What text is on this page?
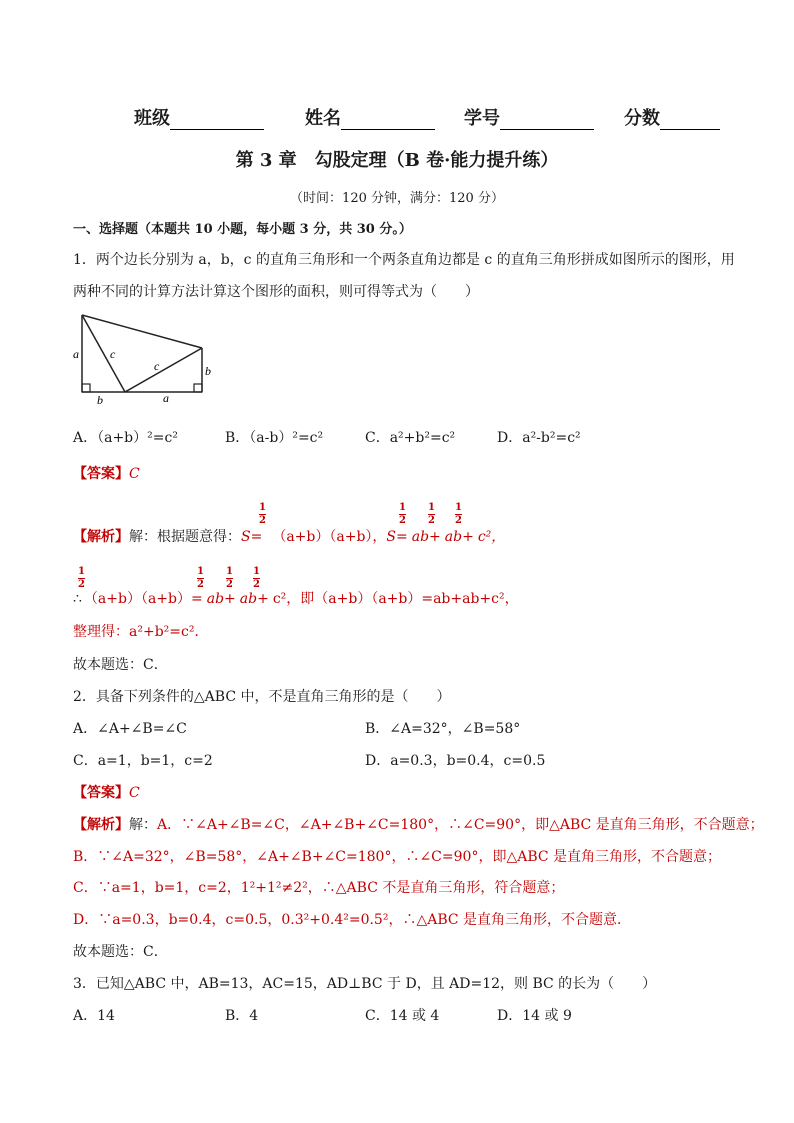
班级	姓名	学号	分数
第 3 章　勾股定理（B 卷·能力提升练）
（时间：120 分钟，满分：120 分）
一、选择题（本题共 10 小题，每小题 3 分，共 30 分。）
1．两个边长分别为 a，b，c 的直角三角形和一个两条直角边都是 c 的直角三角形拼成如图所示的图形，用
两种不同的计算方法计算这个图形的面积，则可得等式为（　　）
a	c
c	b
b	a
A．（a+b）²=c²	B．（a-b）²=c²	C．a²+b²=c²	D．a²-b²=c²
【答案】C
【解析】解：根据题意得：S= （a+b）（a+b），S= ab+ ab+ c²，
1
2
1
2
1
2
1
2
∴ （a+b）（a+b）= ab+ ab+ c²，即（a+b）（a+b）=ab+ab+c²，
1
2
1
2
1
2
1
2
整理得：a²+b²=c²．
故本题选：C．
2．具备下列条件的△ABC 中，不是直角三角形的是（　　）
A．∠A+∠B=∠C	B．∠A=32°，∠B=58°
C．a=1，b=1，c=2	D．a=0.3，b=0.4，c=0.5
【答案】C
【解析】解：A．∵∠A+∠B=∠C，∠A+∠B+∠C=180°，∴∠C=90°，即△ABC 是直角三角形，不合题意；
B．∵∠A=32°，∠B=58°，∠A+∠B+∠C=180°，∴∠C=90°，即△ABC 是直角三角形，不合题意；
C．∵a=1，b=1，c=2，1²+1²≠2²，∴△ABC 不是直角三角形，符合题意；
D．∵a=0.3，b=0.4，c=0.5，0.3²+0.4²=0.5²，∴△ABC 是直角三角形，不合题意．
故本题选：C．
3．已知△ABC 中，AB=13，AC=15，AD⊥BC 于 D，且 AD=12，则 BC 的长为（　　）
A．14	B．4	C．14 或 4	D．14 或 9
